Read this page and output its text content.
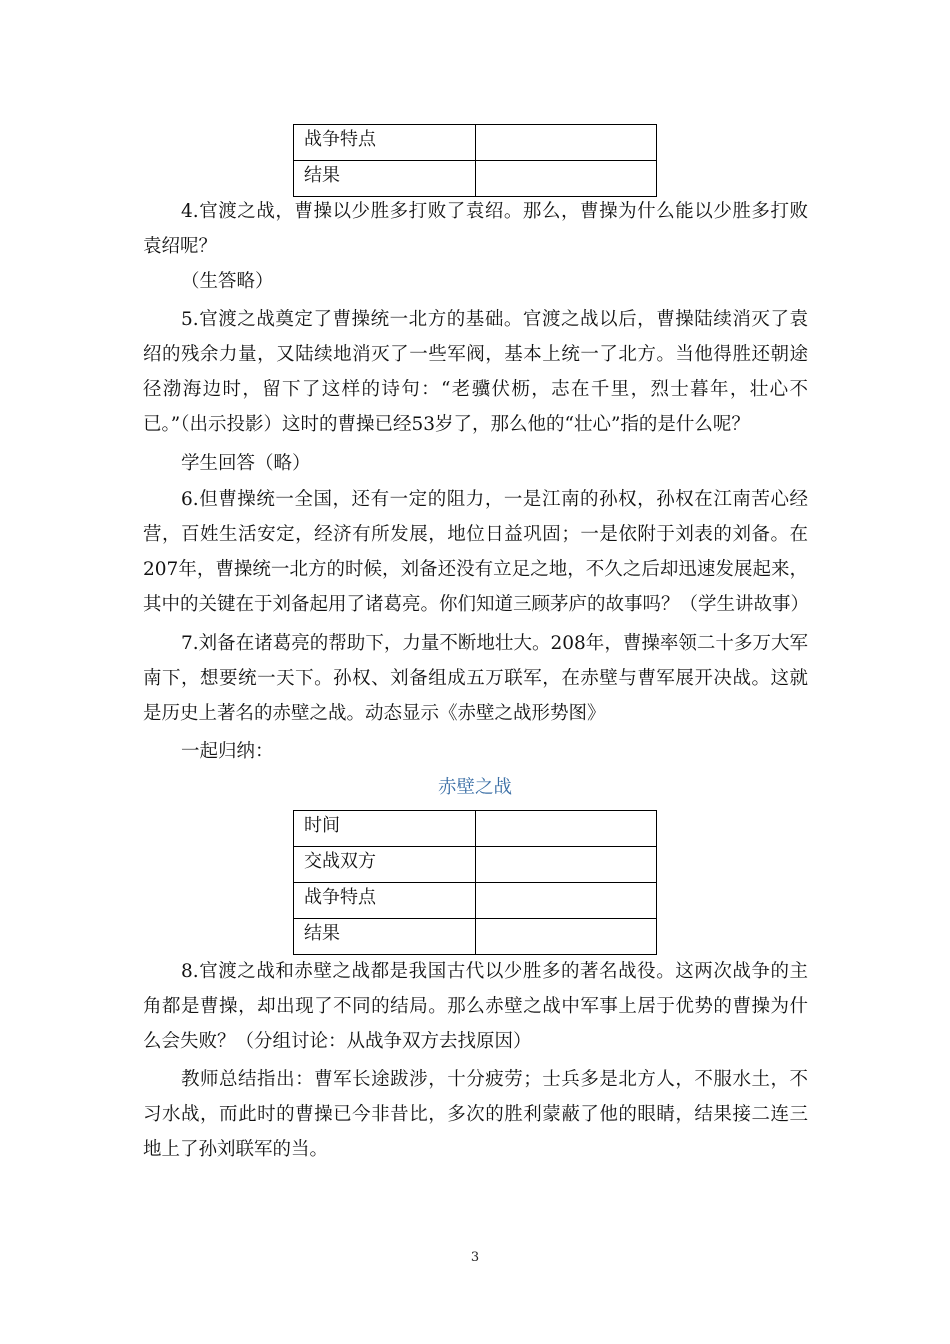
战争特点	
结果	

4.官渡之战，曹操以少胜多打败了袁绍。那么，曹操为什么能以少胜多打败袁绍呢？

（生答略）

5.官渡之战奠定了曹操统一北方的基础。官渡之战以后，曹操陆续消灭了袁绍的残余力量，又陆续地消灭了一些军阀，基本上统一了北方。当他得胜还朝途径渤海边时，留下了这样的诗句：“老骥伏枥，志在千里，烈士暮年，壮心不已。”（出示投影）这时的曹操已经53岁了，那么他的“壮心”指的是什么呢？

学生回答（略）

6.但曹操统一全国，还有一定的阻力，一是江南的孙权，孙权在江南苦心经营，百姓生活安定，经济有所发展，地位日益巩固；一是依附于刘表的刘备。在207年，曹操统一北方的时候，刘备还没有立足之地，不久之后却迅速发展起来，其中的关键在于刘备起用了诸葛亮。你们知道三顾茅庐的故事吗？（学生讲故事）

7.刘备在诸葛亮的帮助下，力量不断地壮大。208年，曹操率领二十多万大军南下，想要统一天下。孙权、刘备组成五万联军，在赤壁与曹军展开决战。这就是历史上著名的赤壁之战。动态显示《赤壁之战形势图》

一起归纳：

赤壁之战

时间	
交战双方	
战争特点	
结果	

8.官渡之战和赤壁之战都是我国古代以少胜多的著名战役。这两次战争的主角都是曹操，却出现了不同的结局。那么赤壁之战中军事上居于优势的曹操为什么会失败？（分组讨论：从战争双方去找原因）

教师总结指出：曹军长途跋涉，十分疲劳；士兵多是北方人，不服水土，不习水战，而此时的曹操已今非昔比，多次的胜利蒙蔽了他的眼睛，结果接二连三地上了孙刘联军的当。

3
